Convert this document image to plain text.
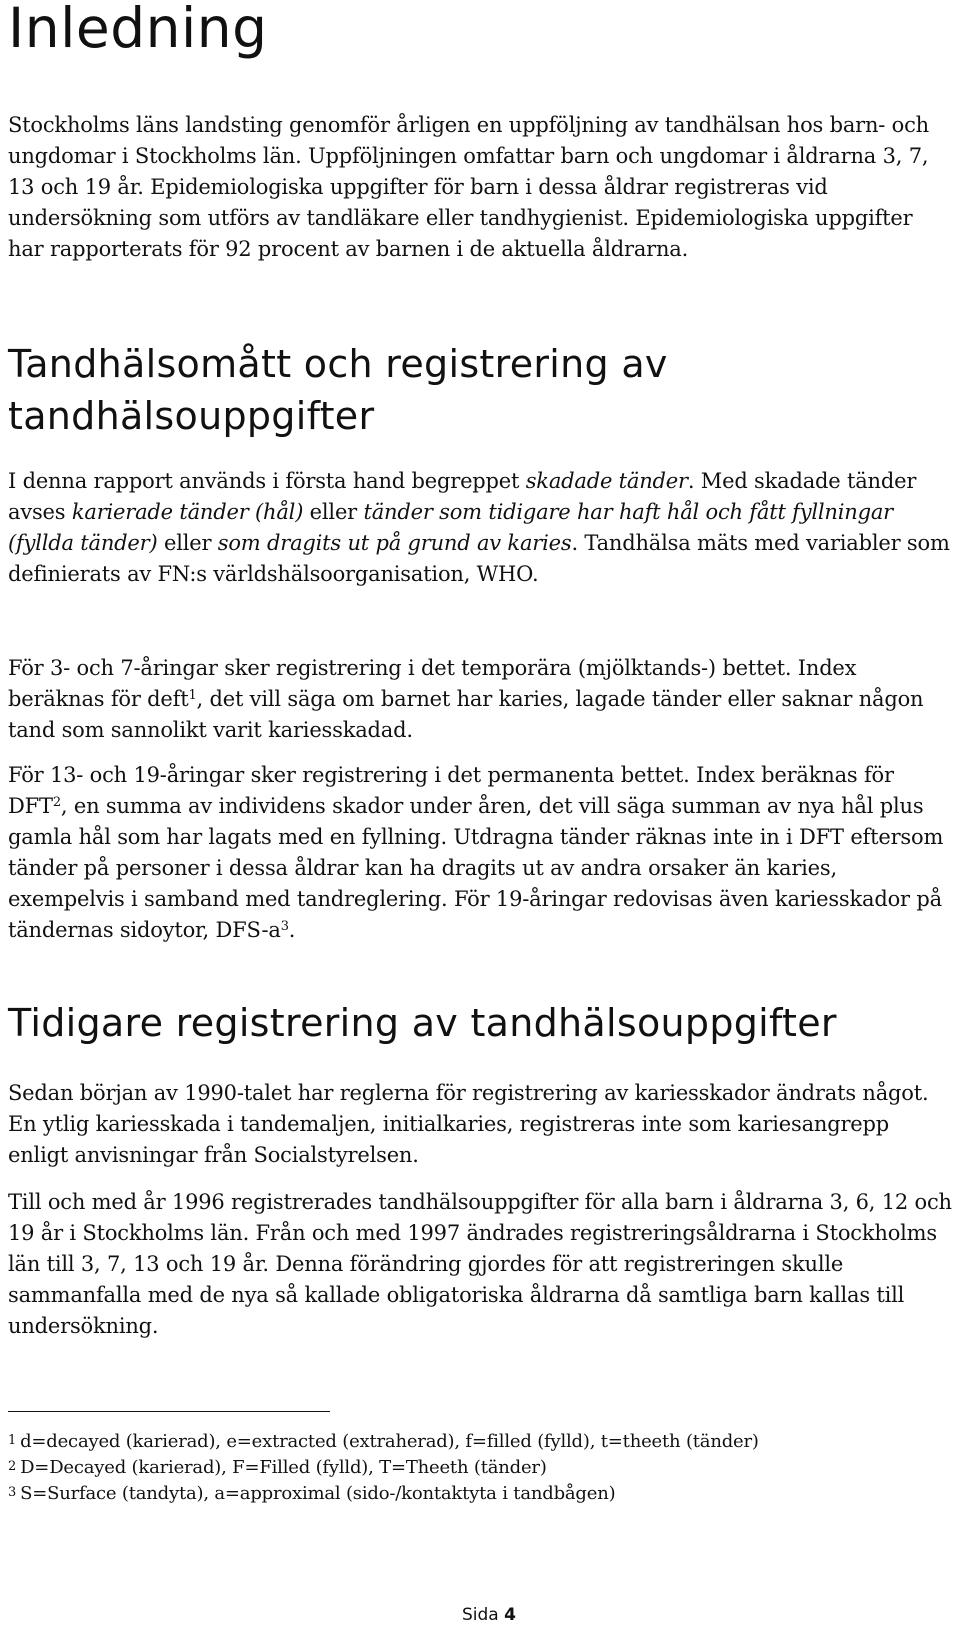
Inledning

Stockholms läns landsting genomför årligen en uppföljning av tandhälsan hos barn- och ungdomar i Stockholms län. Uppföljningen omfattar barn och ungdomar i åldrarna 3, 7, 13 och 19 år. Epidemiologiska uppgifter för barn i dessa åldrar registreras vid undersökning som utförs av tandläkare eller tandhygienist. Epidemiologiska uppgifter har rapporterats för 92 procent av barnen i de aktuella åldrarna.

Tandhälsomått och registrering av
tandhälsouppgifter

I denna rapport används i första hand begreppet skadade tänder. Med skadade tänder avses karierade tänder (hål) eller tänder som tidigare har haft hål och fått fyllningar (fyllda tänder) eller som dragits ut på grund av karies. Tandhälsa mäts med variabler som definierats av FN:s världshälsoorganisation, WHO.

För 3- och 7-åringar sker registrering i det temporära (mjölktands-) bettet. Index beräknas för deft$^1$, det vill säga om barnet har karies, lagade tänder eller saknar någon tand som sannolikt varit kariesskadad.

För 13- och 19-åringar sker registrering i det permanenta bettet. Index beräknas för DFT$^2$, en summa av individens skador under åren, det vill säga summan av nya hål plus gamla hål som har lagats med en fyllning. Utdragna tänder räknas inte in i DFT eftersom tänder på personer i dessa åldrar kan ha dragits ut av andra orsaker än karies, exempelvis i samband med tandreglering. För 19-åringar redovisas även kariesskador på tändernas sidoytor, DFS-$a^3$.

Tidigare registrering av tandhälsouppgifter

Sedan början av 1990-talet har reglerna för registrering av kariesskador ändrats något. En ytlig kariesskada i tandemaljen, initialkaries, registreras inte som kariesangrepp enligt anvisningar från Socialstyrelsen.

Till och med år 1996 registrerades tandhälsouppgifter för alla barn i åldrarna 3, 6, 12 och 19 år i Stockholms län. Från och med 1997 ändrades registreringsåldrarna i Stockholms län till 3, 7, 13 och 19 år. Denna förändring gjordes för att registreringen skulle sammanfalla med de nya så kallade obligatoriska åldrarna då samtliga barn kallas till undersökning.

1 d=decayed (karierad), e=extracted (extraherad), f=filled (fylld), t=theeth (tänder)

2 D=Decayed (karierad), F=Filled (fylld), T=Theeth (tänder)

3 S=Surface (tandyta), a=approximal (sido-/kontaktyta i tandbågen)

Sida 4
